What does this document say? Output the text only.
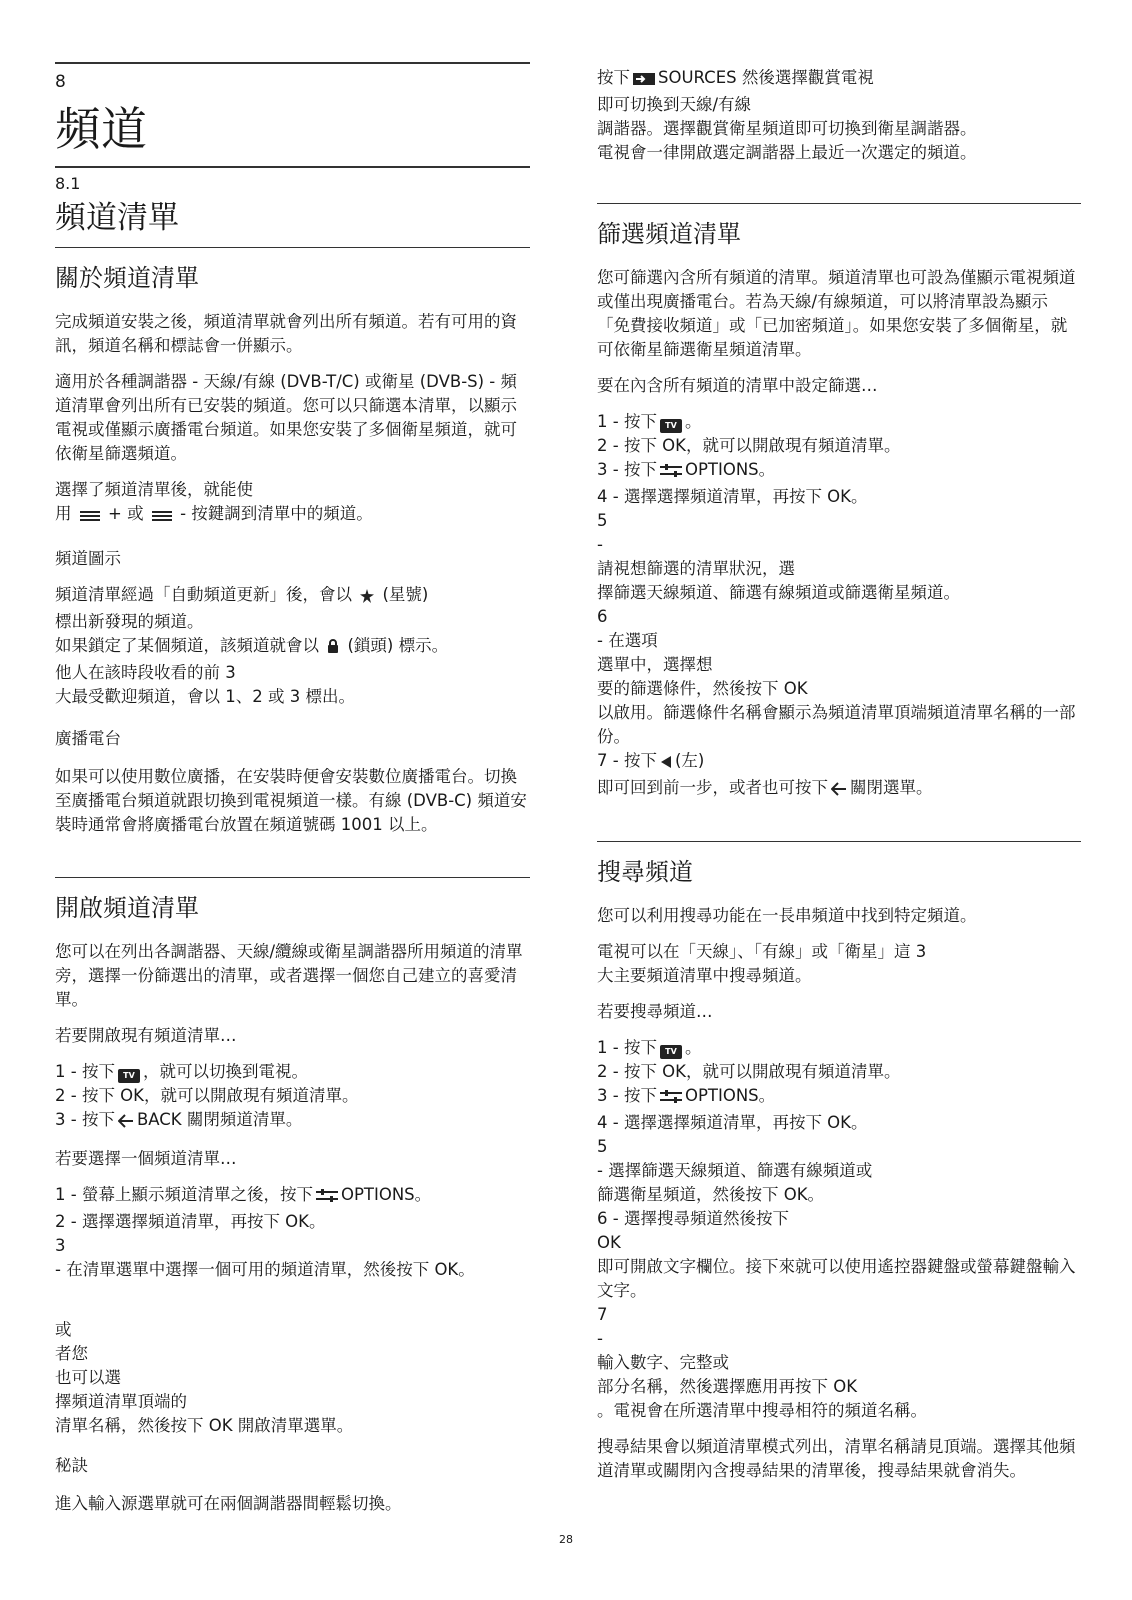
8
頻道
8.1
頻道清單
關於頻道清單

完成頻道安裝之後，頻道清單就會列出所有頻道。若有可用的資訊，頻道名稱和標誌會一併顯示。

適用於各種調諧器 - 天線/有線 (DVB-T/C) 或衛星 (DVB-S) - 頻道清單會列出所有已安裝的頻道。您可以只篩選本清單，以顯示電視或僅顯示廣播電台頻道。如果您安裝了多個衛星頻道，就可依衛星篩選頻道。

選擇了頻道清單後，就能使

用 + 或 - 按鍵調到清單中的頻道。

頻道圖示

頻道清單經過「自動頻道更新」後，會以 (星號)

標出新發現的頻道。

如果鎖定了某個頻道，該頻道就會以 (鎖頭) 標示。

他人在該時段收看的前 3

大最受歡迎頻道，會以 1、2 或 3 標出。

廣播電台

如果可以使用數位廣播，在安裝時便會安裝數位廣播電台。切換至廣播電台頻道就跟切換到電視頻道一樣。有線 (DVB-C) 頻道安裝時通常會將廣播電台放置在頻道號碼 1001 以上。

開啟頻道清單

您可以在列出各調諧器、天線/纜線或衛星調諧器所用頻道的清單旁，選擇一份篩選出的清單，或者選擇一個您自己建立的喜愛清單。

若要開啟現有頻道清單…

1 - 按下 TV ，就可以切換到電視。

2 - 按下 OK，就可以開啟現有頻道清單。

3 - 按下 BACK 關閉頻道清單。

若要選擇一個頻道清單…

1 - 螢幕上顯示頻道清單之後，按下 OPTIONS。

2 - 選擇選擇頻道清單，再按下 OK。

3

- 在清單選單中選擇一個可用的頻道清單，然後按下 OK。

或

者您

也可以選

擇頻道清單頂端的

清單名稱，然後按下 OK 開啟清單選單。

秘訣

進入輸入源選單就可在兩個調諧器間輕鬆切換。

按下 SOURCES 然後選擇觀賞電視

即可切換到天線/有線

調諧器。選擇觀賞衛星頻道即可切換到衛星調諧器。

電視會一律開啟選定調諧器上最近一次選定的頻道。

篩選頻道清單

您可篩選內含所有頻道的清單。頻道清單也可設為僅顯示電視頻道或僅出現廣播電台。若為天線/有線頻道，可以將清單設為顯示「免費接收頻道」或「已加密頻道」。如果您安裝了多個衛星，就可依衛星篩選衛星頻道清單。

要在內含所有頻道的清單中設定篩選…

1 - 按下 TV 。

2 - 按下 OK，就可以開啟現有頻道清單。

3 - 按下 OPTIONS。

4 - 選擇選擇頻道清單，再按下 OK。

5

-

請視想篩選的清單狀況，選

擇篩選天線頻道、篩選有線頻道或篩選衛星頻道。

6

- 在選項

選單中，選擇想

要的篩選條件，然後按下 OK

以啟用。篩選條件名稱會顯示為頻道清單頂端頻道清單名稱的一部份。

7 - 按下 (左)

即可回到前一步，或者也可按下 關閉選單。

搜尋頻道

您可以利用搜尋功能在一長串頻道中找到特定頻道。

電視可以在「天線」、「有線」或「衛星」這 3

大主要頻道清單中搜尋頻道。

若要搜尋頻道…

1 - 按下 TV 。

2 - 按下 OK，就可以開啟現有頻道清單。

3 - 按下 OPTIONS。

4 - 選擇選擇頻道清單，再按下 OK。

5

- 選擇篩選天線頻道、篩選有線頻道或

篩選衛星頻道，然後按下 OK。

6 - 選擇搜尋頻道然後按下

OK

即可開啟文字欄位。接下來就可以使用遙控器鍵盤或螢幕鍵盤輸入文字。

7

-

輸入數字、完整或

部分名稱，然後選擇應用再按下 OK

。電視會在所選清單中搜尋相符的頻道名稱。

搜尋結果會以頻道清單模式列出，清單名稱請見頂端。選擇其他頻道清單或關閉內含搜尋結果的清單後，搜尋結果就會消失。

28
